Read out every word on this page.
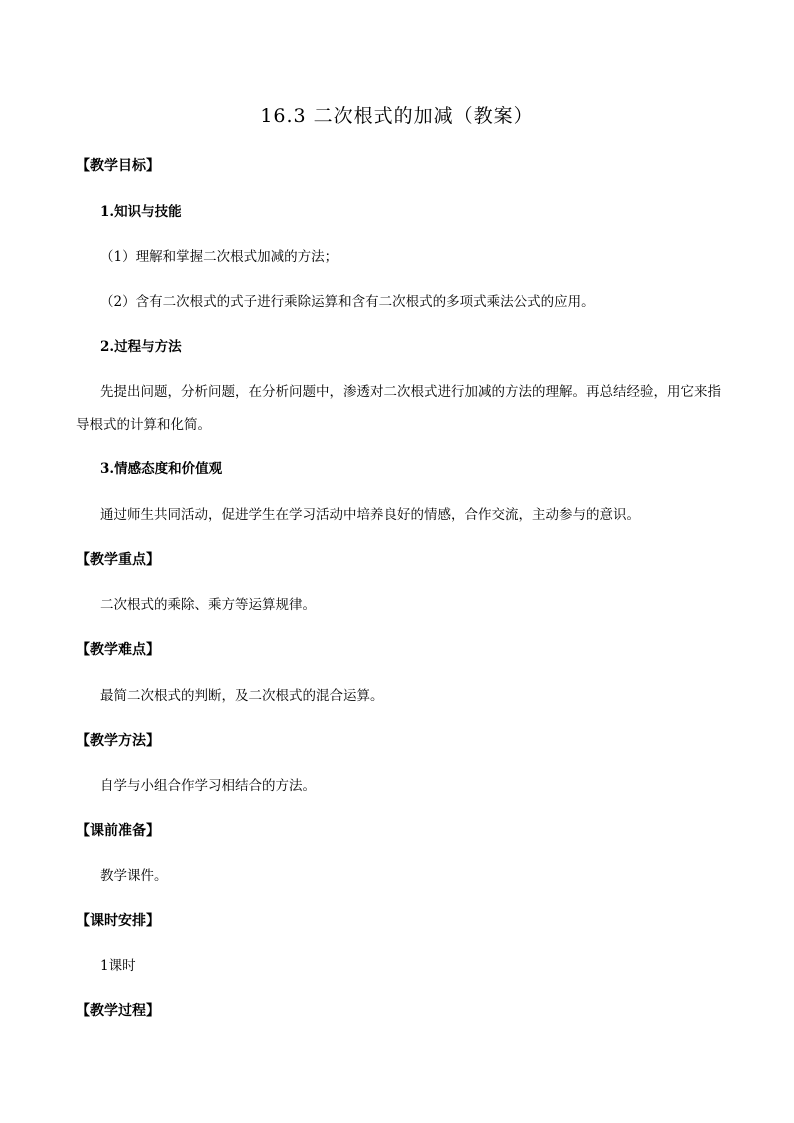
16.3 二次根式的加减（教案）

【教学目标】

1.知识与技能

（1）理解和掌握二次根式加减的方法；

（2）含有二次根式的式子进行乘除运算和含有二次根式的多项式乘法公式的应用。

2.过程与方法

先提出问题，分析问题，在分析问题中，渗透对二次根式进行加减的方法的理解。再总结经验，用它来指导根式的计算和化简。

3.情感态度和价值观

通过师生共同活动，促进学生在学习活动中培养良好的情感，合作交流，主动参与的意识。

【教学重点】

二次根式的乘除、乘方等运算规律。

【教学难点】

最简二次根式的判断，及二次根式的混合运算。

【教学方法】

自学与小组合作学习相结合的方法。

【课前准备】

教学课件。

【课时安排】

1课时

【教学过程】
